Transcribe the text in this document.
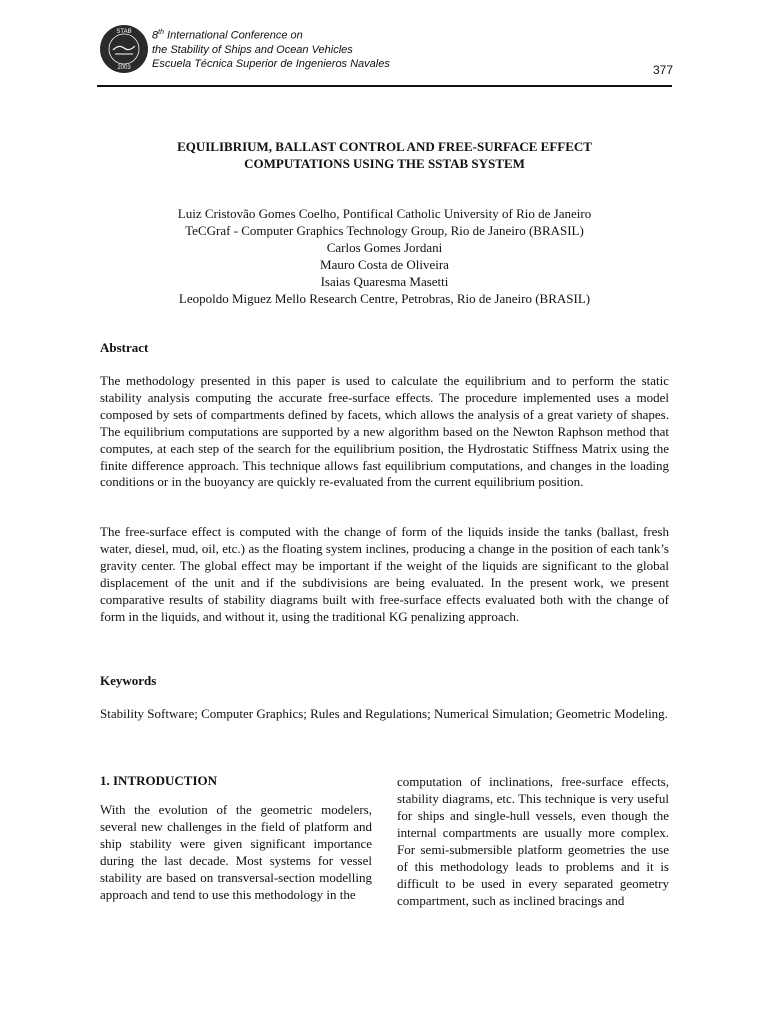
STAB
2003
8th International Conference on
the Stability of Ships and Ocean Vehicles
Escuela Técnica Superior de Ingenieros Navales	377
EQUILIBRIUM, BALLAST CONTROL AND FREE-SURFACE EFFECT
COMPUTATIONS USING THE SSTAB SYSTEM
Luiz Cristovão Gomes Coelho, Pontifical Catholic University of Rio de Janeiro
TeCGraf - Computer Graphics Technology Group, Rio de Janeiro (BRASIL)
Carlos Gomes Jordani
Mauro Costa de Oliveira
Isaias Quaresma Masetti
Leopoldo Miguez Mello Research Centre, Petrobras, Rio de Janeiro (BRASIL)
Abstract
The methodology presented in this paper is used to calculate the equilibrium and to perform the static stability analysis computing the accurate free-surface effects. The procedure implemented uses a model composed by sets of compartments defined by facets, which allows the analysis of a great variety of shapes. The equilibrium computations are supported by a new algorithm based on the Newton Raphson method that computes, at each step of the search for the equilibrium position, the Hydrostatic Stiffness Matrix using the finite difference approach. This technique allows fast equilibrium computations, and changes in the loading conditions or in the buoyancy are quickly re-evaluated from the current equilibrium position.
The free-surface effect is computed with the change of form of the liquids inside the tanks (ballast, fresh water, diesel, mud, oil, etc.) as the floating system inclines, producing a change in the position of each tank’s gravity center. The global effect may be important if the weight of the liquids are significant to the global displacement of the unit and if the subdivisions are being evaluated. In the present work, we present comparative results of stability diagrams built with free-surface effects evaluated both with the change of form in the liquids, and without it, using the traditional KG penalizing approach.
Keywords
Stability Software; Computer Graphics; Rules and Regulations; Numerical Simulation; Geometric Modeling.
1. INTRODUCTION
With the evolution of the geometric modelers, several new challenges in the field of platform and ship stability were given significant importance during the last decade. Most systems for vessel stability are based on transversal-section modelling approach and tend to use this methodology in the
computation of inclinations, free-surface effects, stability diagrams, etc. This technique is very useful for ships and single-hull vessels, even though the internal compartments are usually more complex. For semi-submersible platform geometries the use of this methodology leads to problems and it is difficult to be used in every separated geometry compartment, such as inclined bracings and
